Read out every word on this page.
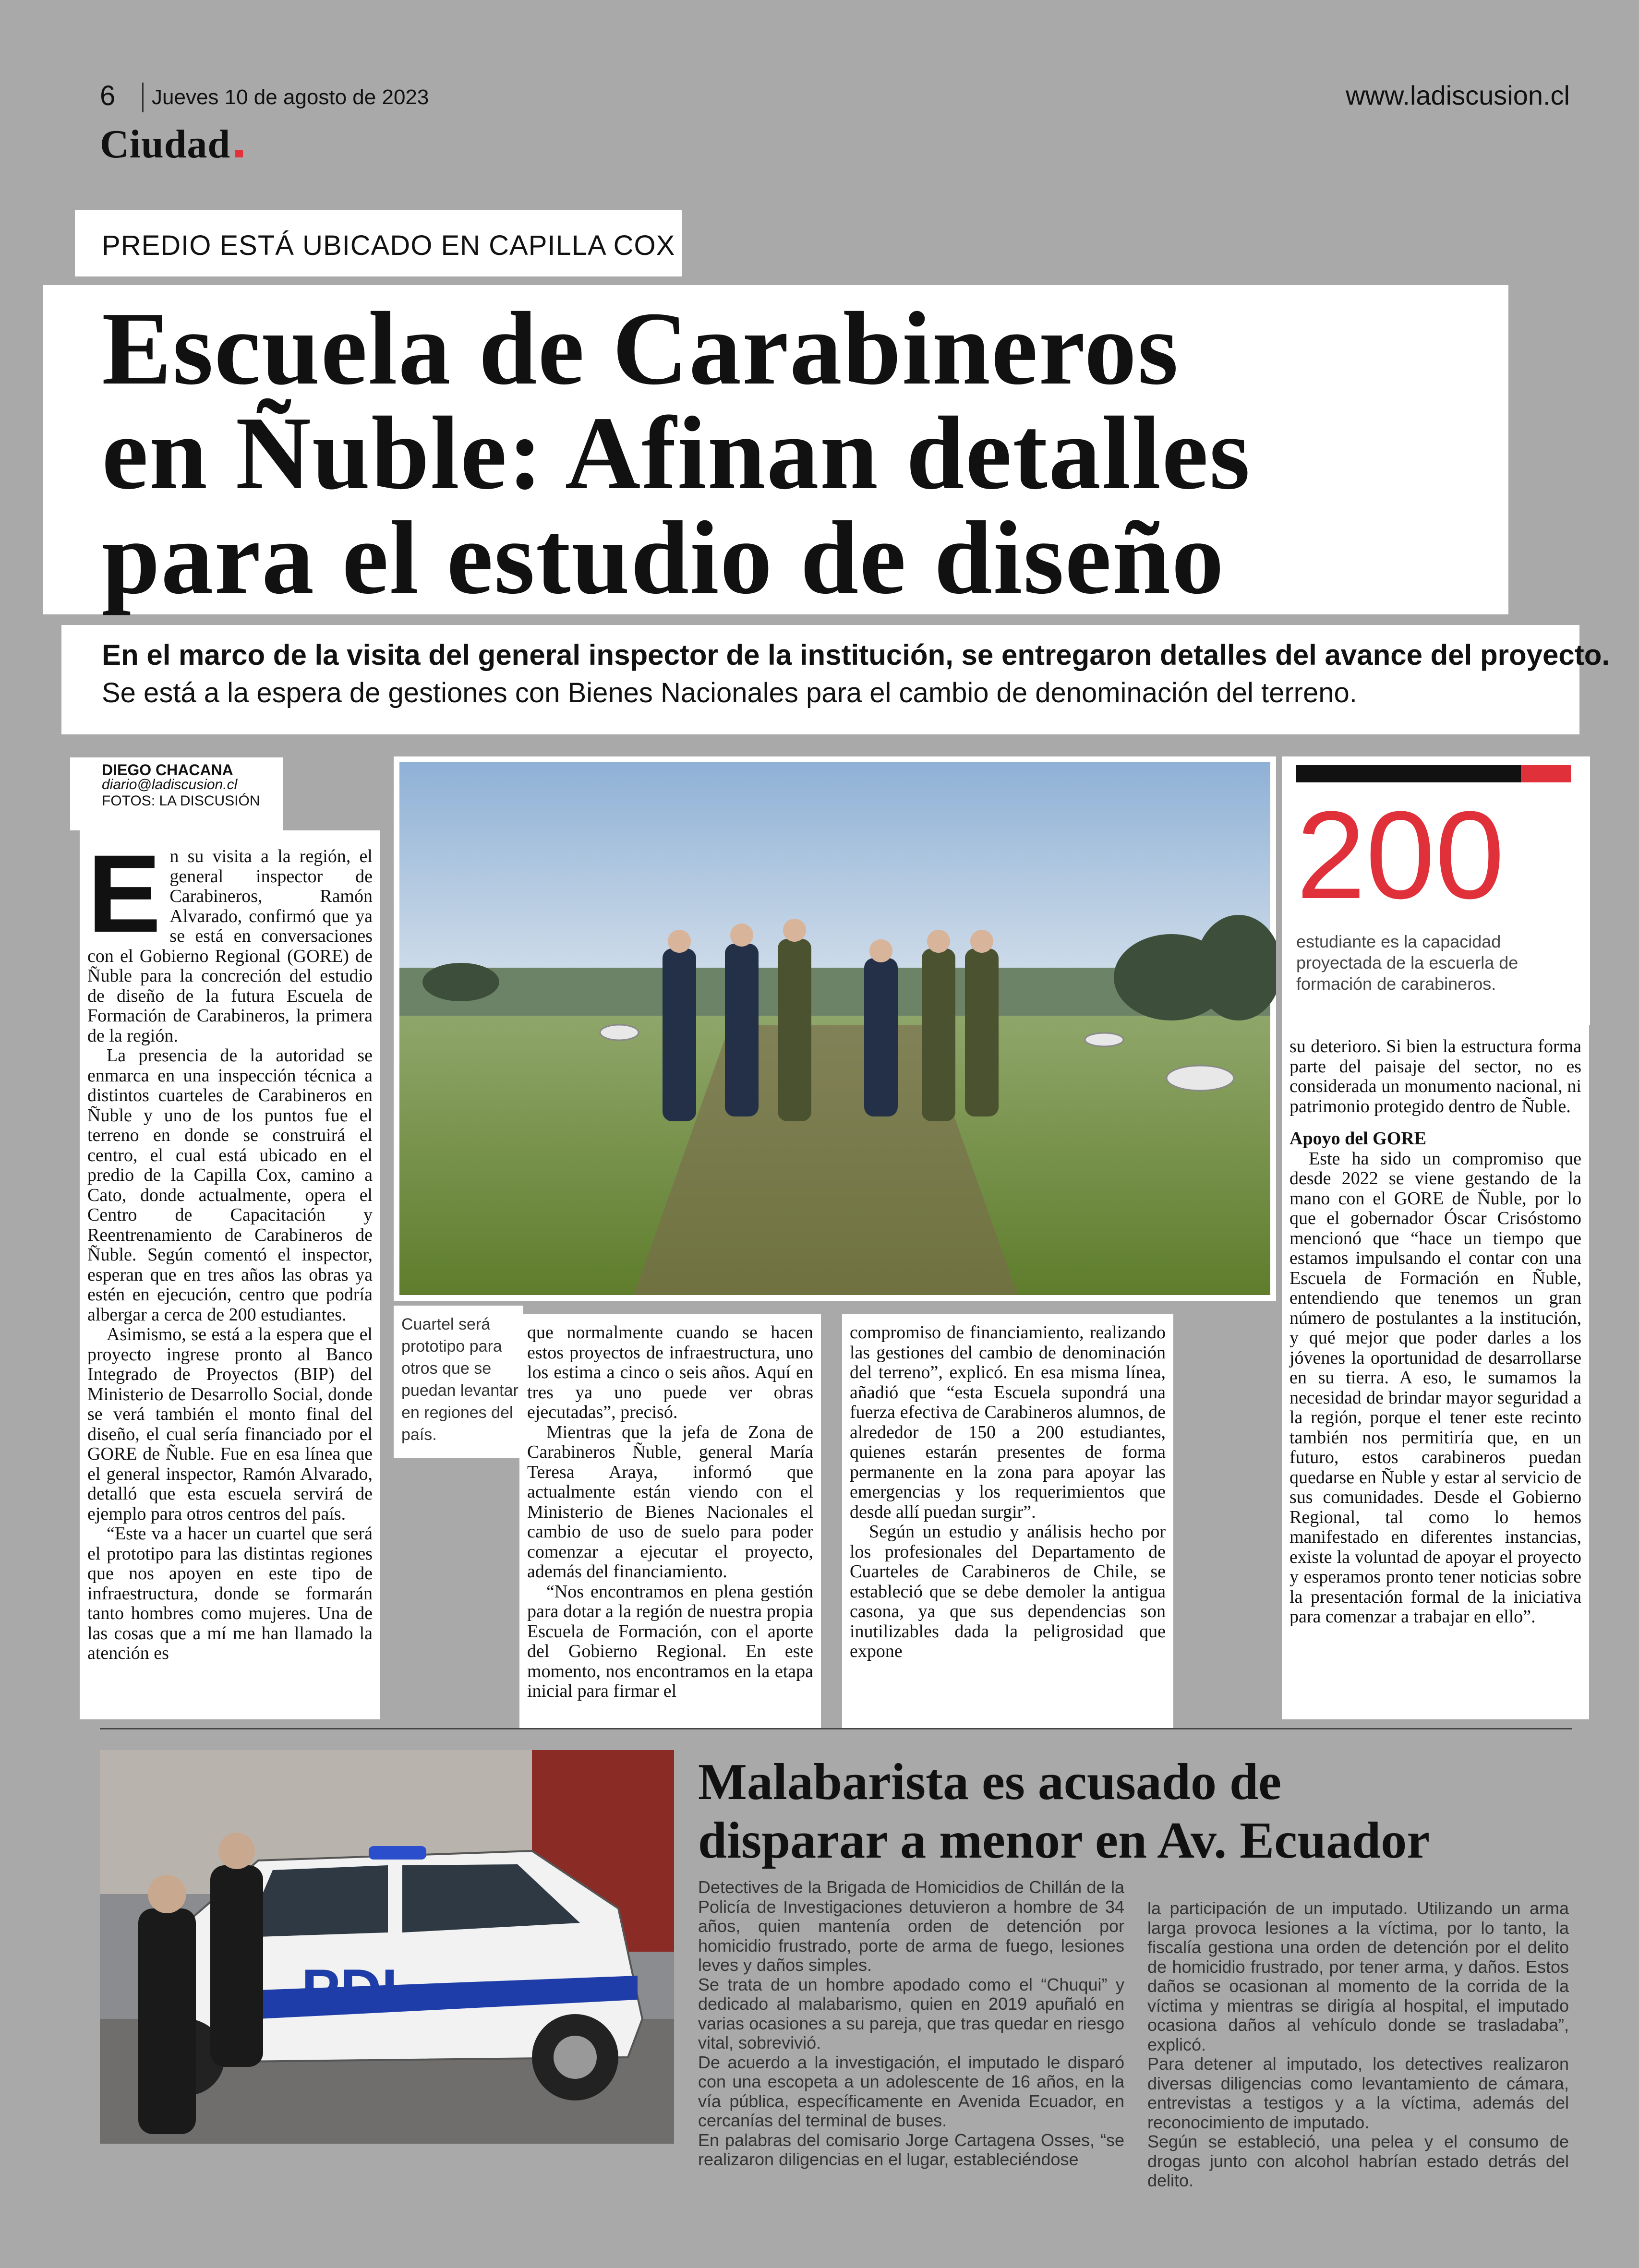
6 Jueves 10 de agosto de 2023	www.ladiscusion.cl
Ciudad
PREDIO ESTÁ UBICADO EN CAPILLA COX
Escuela de Carabineros
en Ñuble: Afinan detalles
para el estudio de diseño
En el marco de la visita del general inspector de la institución, se entregaron detalles del avance del proyecto.
Se está a la espera de gestiones con Bienes Nacionales para el cambio de denominación del terreno.
DIEGO CHACANA
diario@ladiscusion.cl
FOTOS: LA DISCUSIÓN
E n su visita a la región, el general inspector de Carabineros, Ramón Alvarado, confirmó que ya se está en conversaciones con el Gobierno Regional (GORE) de Ñuble para la concreción del estudio de diseño de la futura Escuela de Formación de Carabineros, la primera de la región.

La presencia de la autoridad se enmarca en una inspección técnica a distintos cuarteles de Carabineros en Ñuble y uno de los puntos fue el terreno en donde se construirá el centro, el cual está ubicado en el predio de la Capilla Cox, camino a Cato, donde actualmente, opera el Centro de Capacitación y Reentrenamiento de Carabineros de Ñuble. Según comentó el inspector, esperan que en tres años las obras ya estén en ejecución, centro que podría albergar a cerca de 200 estudiantes.

Asimismo, se está a la espera que el proyecto ingrese pronto al Banco Integrado de Proyectos (BIP) del Ministerio de Desarrollo Social, donde se verá también el monto final del diseño, el cual sería financiado por el GORE de Ñuble. Fue en esa línea que el general inspector, Ramón Alvarado, detalló que esta escuela servirá de ejemplo para otros centros del país.

“Este va a hacer un cuartel que será el prototipo para las distintas regiones que nos apoyen en este tipo de infraestructura, donde se formarán tanto hombres como mujeres. Una de las cosas que a mí me han llamado la atención es

Cuartel será prototipo para otros que se puedan levantar en regiones del país.

que normalmente cuando se hacen estos proyectos de infraestructura, uno los estima a cinco o seis años. Aquí en tres ya uno puede ver obras ejecutadas”, precisó.

Mientras que la jefa de Zona de Carabineros Ñuble, general María Teresa Araya, informó que actualmente están viendo con el Ministerio de Bienes Nacionales el cambio de uso de suelo para poder comenzar a ejecutar el proyecto, además del financiamiento.

“Nos encontramos en plena gestión para dotar a la región de nuestra propia Escuela de Formación, con el aporte del Gobierno Regional. En este momento, nos encontramos en la etapa inicial para firmar el

compromiso de financiamiento, realizando las gestiones del cambio de denominación del terreno”, explicó. En esa misma línea, añadió que “esta Escuela supondrá una fuerza efectiva de Carabineros alumnos, de alrededor de 150 a 200 estudiantes, quienes estarán presentes de forma permanente en la zona para apoyar las emergencias y los requerimientos que desde allí puedan surgir”.

Según un estudio y análisis hecho por los profesionales del Departamento de Cuarteles de Carabineros de Chile, se estableció que se debe demoler la antigua casona, ya que sus dependencias son inutilizables dada la peligrosidad que expone

200
estudiante es la capacidad proyectada de la escuerla de formación de carabineros.

su deterioro. Si bien la estructura forma parte del paisaje del sector, no es considerada un monumento nacional, ni patrimonio protegido dentro de Ñuble.

Apoyo del GORE

Este ha sido un compromiso que desde 2022 se viene gestando de la mano con el GORE de Ñuble, por lo que el gobernador Óscar Crisóstomo mencionó que “hace un tiempo que estamos impulsando el contar con una Escuela de Formación en Ñuble, entendiendo que tenemos un gran número de postulantes a la institución, y qué mejor que poder darles a los jóvenes la oportunidad de desarrollarse en su tierra. A eso, le sumamos la necesidad de brindar mayor seguridad a la región, porque el tener este recinto también nos permitiría que, en un futuro, estos carabineros puedan quedarse en Ñuble y estar al servicio de sus comunidades. Desde el Gobierno Regional, tal como lo hemos manifestado en diferentes instancias, existe la voluntad de apoyar el proyecto y esperamos pronto tener noticias sobre la presentación formal de la iniciativa para comenzar a trabajar en ello”.

PDI
Malabarista es acusado de
disparar a menor en Av. Ecuador

Detectives de la Brigada de Homicidios de Chillán de la Policía de Investigaciones detuvieron a hombre de 34 años, quien mantenía orden de detención por homicidio frustrado, porte de arma de fuego, lesiones leves y daños simples.

Se trata de un hombre apodado como el “Chuqui” y dedicado al malabarismo, quien en 2019 apuñaló en varias ocasiones a su pareja, que tras quedar en riesgo vital, sobrevivió.

De acuerdo a la investigación, el imputado le disparó con una escopeta a un adolescente de 16 años, en la vía pública, específicamente en Avenida Ecuador, en cercanías del terminal de buses.

En palabras del comisario Jorge Cartagena Osses, “se realizaron diligencias en el lugar, estableciéndose

la participación de un imputado. Utilizando un arma larga provoca lesiones a la víctima, por lo tanto, la fiscalía gestiona una orden de detención por el delito de homicidio frustrado, por tener arma, y daños. Estos daños se ocasionan al momento de la corrida de la víctima y mientras se dirigía al hospital, el imputado ocasiona daños al vehículo donde se trasladaba”, explicó.

Para detener al imputado, los detectives realizaron diversas diligencias como levantamiento de cámara, entrevistas a testigos y a la víctima, además del reconocimiento de imputado.

Según se estableció, una pelea y el consumo de drogas junto con alcohol habrían estado detrás del delito.
